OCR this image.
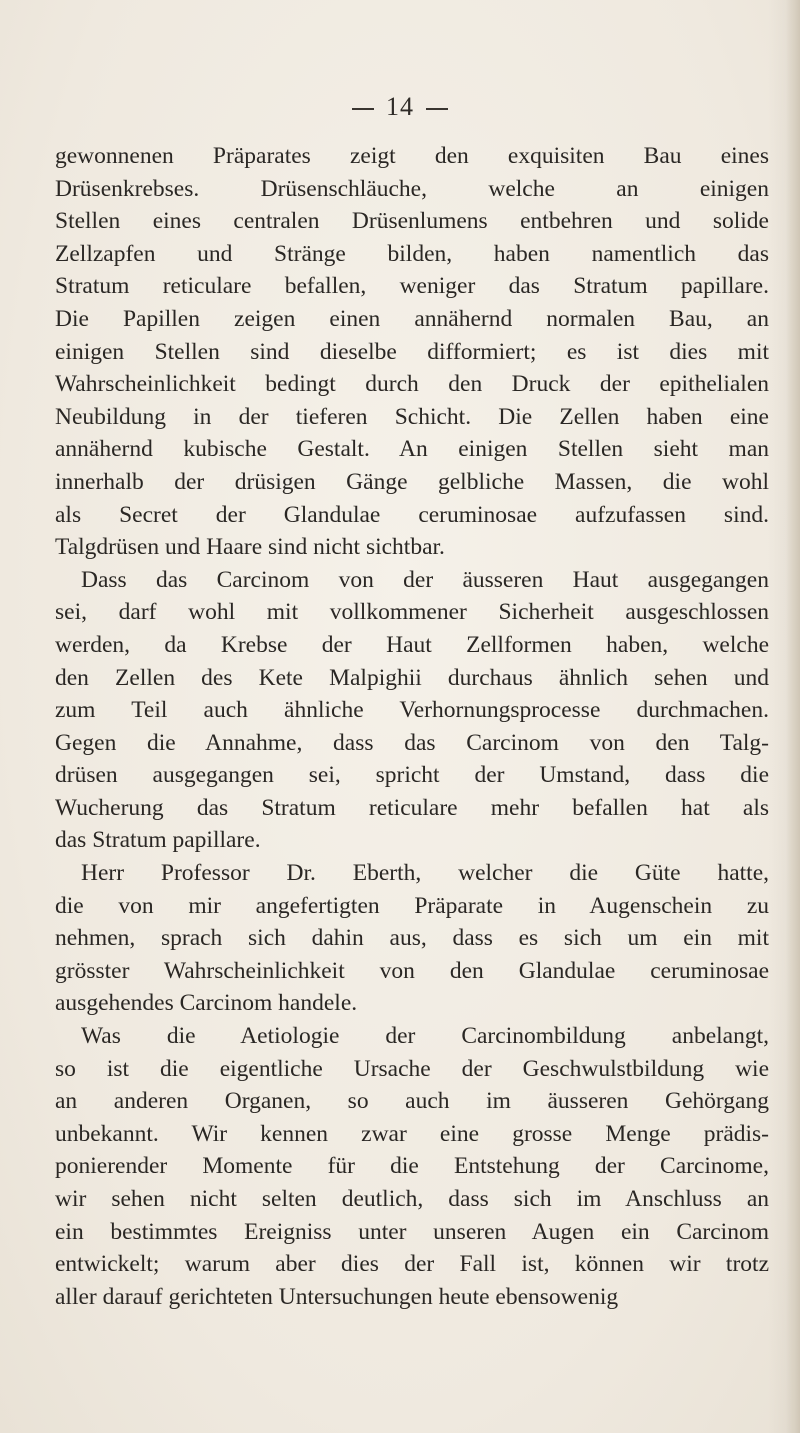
14
gewonnenen Präparates zeigt den exquisiten Bau eines
Drüsenkrebses. Drüsenschläuche, welche an einigen
Stellen eines centralen Drüsenlumens entbehren und solide
Zellzapfen und Stränge bilden, haben namentlich das
Stratum reticulare befallen, weniger das Stratum papillare.
Die Papillen zeigen einen annähernd normalen Bau, an
einigen Stellen sind dieselbe difformiert; es ist dies mit
Wahrscheinlichkeit bedingt durch den Druck der epithelialen
Neubildung in der tieferen Schicht. Die Zellen haben eine
annähernd kubische Gestalt. An einigen Stellen sieht man
innerhalb der drüsigen Gänge gelbliche Massen, die wohl
als Secret der Glandulae ceruminosae aufzufassen sind.
Talgdrüsen und Haare sind nicht sichtbar.
Dass das Carcinom von der äusseren Haut ausgegangen
sei, darf wohl mit vollkommener Sicherheit ausgeschlossen
werden, da Krebse der Haut Zellformen haben, welche
den Zellen des Kete Malpighii durchaus ähnlich sehen und
zum Teil auch ähnliche Verhornungsprocesse durchmachen.
Gegen die Annahme, dass das Carcinom von den Talg-
drüsen ausgegangen sei, spricht der Umstand, dass die
Wucherung das Stratum reticulare mehr befallen hat als
das Stratum papillare.
Herr Professor Dr. Eberth, welcher die Güte hatte,
die von mir angefertigten Präparate in Augenschein zu
nehmen, sprach sich dahin aus, dass es sich um ein mit
grösster Wahrscheinlichkeit von den Glandulae ceruminosae
ausgehendes Carcinom handele.
Was die Aetiologie der Carcinombildung anbelangt,
so ist die eigentliche Ursache der Geschwulstbildung wie
an anderen Organen, so auch im äusseren Gehörgang
unbekannt. Wir kennen zwar eine grosse Menge prädis-
ponierender Momente für die Entstehung der Carcinome,
wir sehen nicht selten deutlich, dass sich im Anschluss an
ein bestimmtes Ereigniss unter unseren Augen ein Carcinom
entwickelt; warum aber dies der Fall ist, können wir trotz
aller darauf gerichteten Untersuchungen heute ebensowenig
